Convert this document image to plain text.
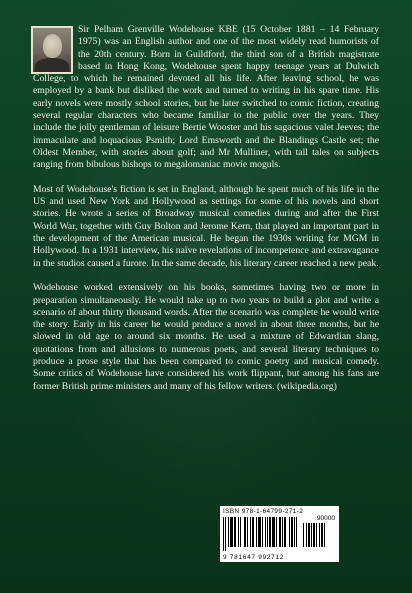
Sir Pelham Grenville Wodehouse KBE (15 October 1881 – 14 February 1975) was an English author and one of the most widely read humorists of the 20th century. Born in Guildford, the third son of a British magistrate based in Hong Kong, Wodehouse spent happy teenage years at Dulwich College, to which he remained devoted all his life. After leaving school, he was employed by a bank but disliked the work and turned to writing in his spare time. His early novels were mostly school stories, but he later switched to comic fiction, creating several regular characters who became familiar to the public over the years. They include the jolly gentleman of leisure Bertie Wooster and his sagacious valet Jeeves; the immaculate and loquacious Psmith; Lord Emsworth and the Blandings Castle set; the Oldest Member, with stories about golf; and Mr Mulliner, with tall tales on subjects ranging from bibulous bishops to megalomaniac movie moguls.

Most of Wodehouse's fiction is set in England, although he spent much of his life in the US and used New York and Hollywood as settings for some of his novels and short stories. He wrote a series of Broadway musical comedies during and after the First World War, together with Guy Bolton and Jerome Kern, that played an important part in the development of the American musical. He began the 1930s writing for MGM in Hollywood. In a 1931 interview, his naïve revelations of incompetence and extravagance in the studios caused a furore. In the same decade, his literary career reached a new peak.

Wodehouse worked extensively on his books, sometimes having two or more in preparation simultaneously. He would take up to two years to build a plot and write a scenario of about thirty thousand words. After the scenario was complete he would write the story. Early in his career he would produce a novel in about three months, but he slowed in old age to around six months. He used a mixture of Edwardian slang, quotations from and allusions to numerous poets, and several literary techniques to produce a prose style that has been compared to comic poetry and musical comedy. Some critics of Wodehouse have considered his work flippant, but among his fans are former British prime ministers and many of his fellow writers. (wikipedia.org)

ISBN 978-1-64799-271-2
90000
9 781647 992712
